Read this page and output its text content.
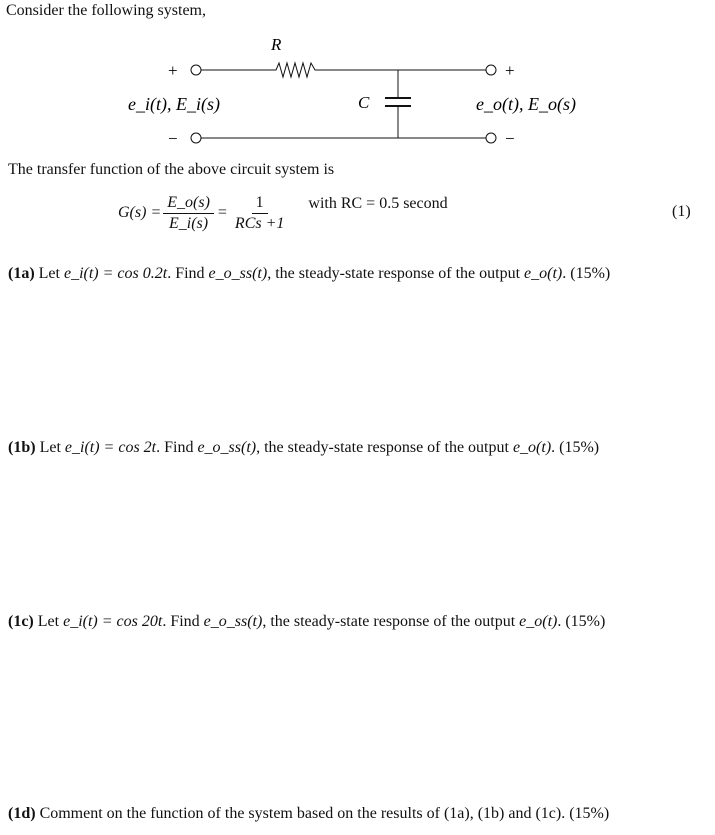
Consider the following system,
+
−
R
C
+
−
e_i(t), E_i(s)	e_o(t), E_o(s)
The transfer function of the above circuit system is
$G(s) = \frac{E\_o(s)}{E\_i(s)} = \frac{1}{\text{RCs +1}}$ with RC = 0.5 second	(1)
(1a) Let e_i(t) = cos 0.2t. Find e_o_ss(t), the steady-state response of the output e_o(t). (15%)
(1b) Let e_i(t) = cos 2t. Find e_o_ss(t), the steady-state response of the output e_o(t). (15%)
(1c) Let e_i(t) = cos 20t. Find e_o_ss(t), the steady-state response of the output e_o(t). (15%)
(1d) Comment on the function of the system based on the results of (1a), (1b) and (1c). (15%)
